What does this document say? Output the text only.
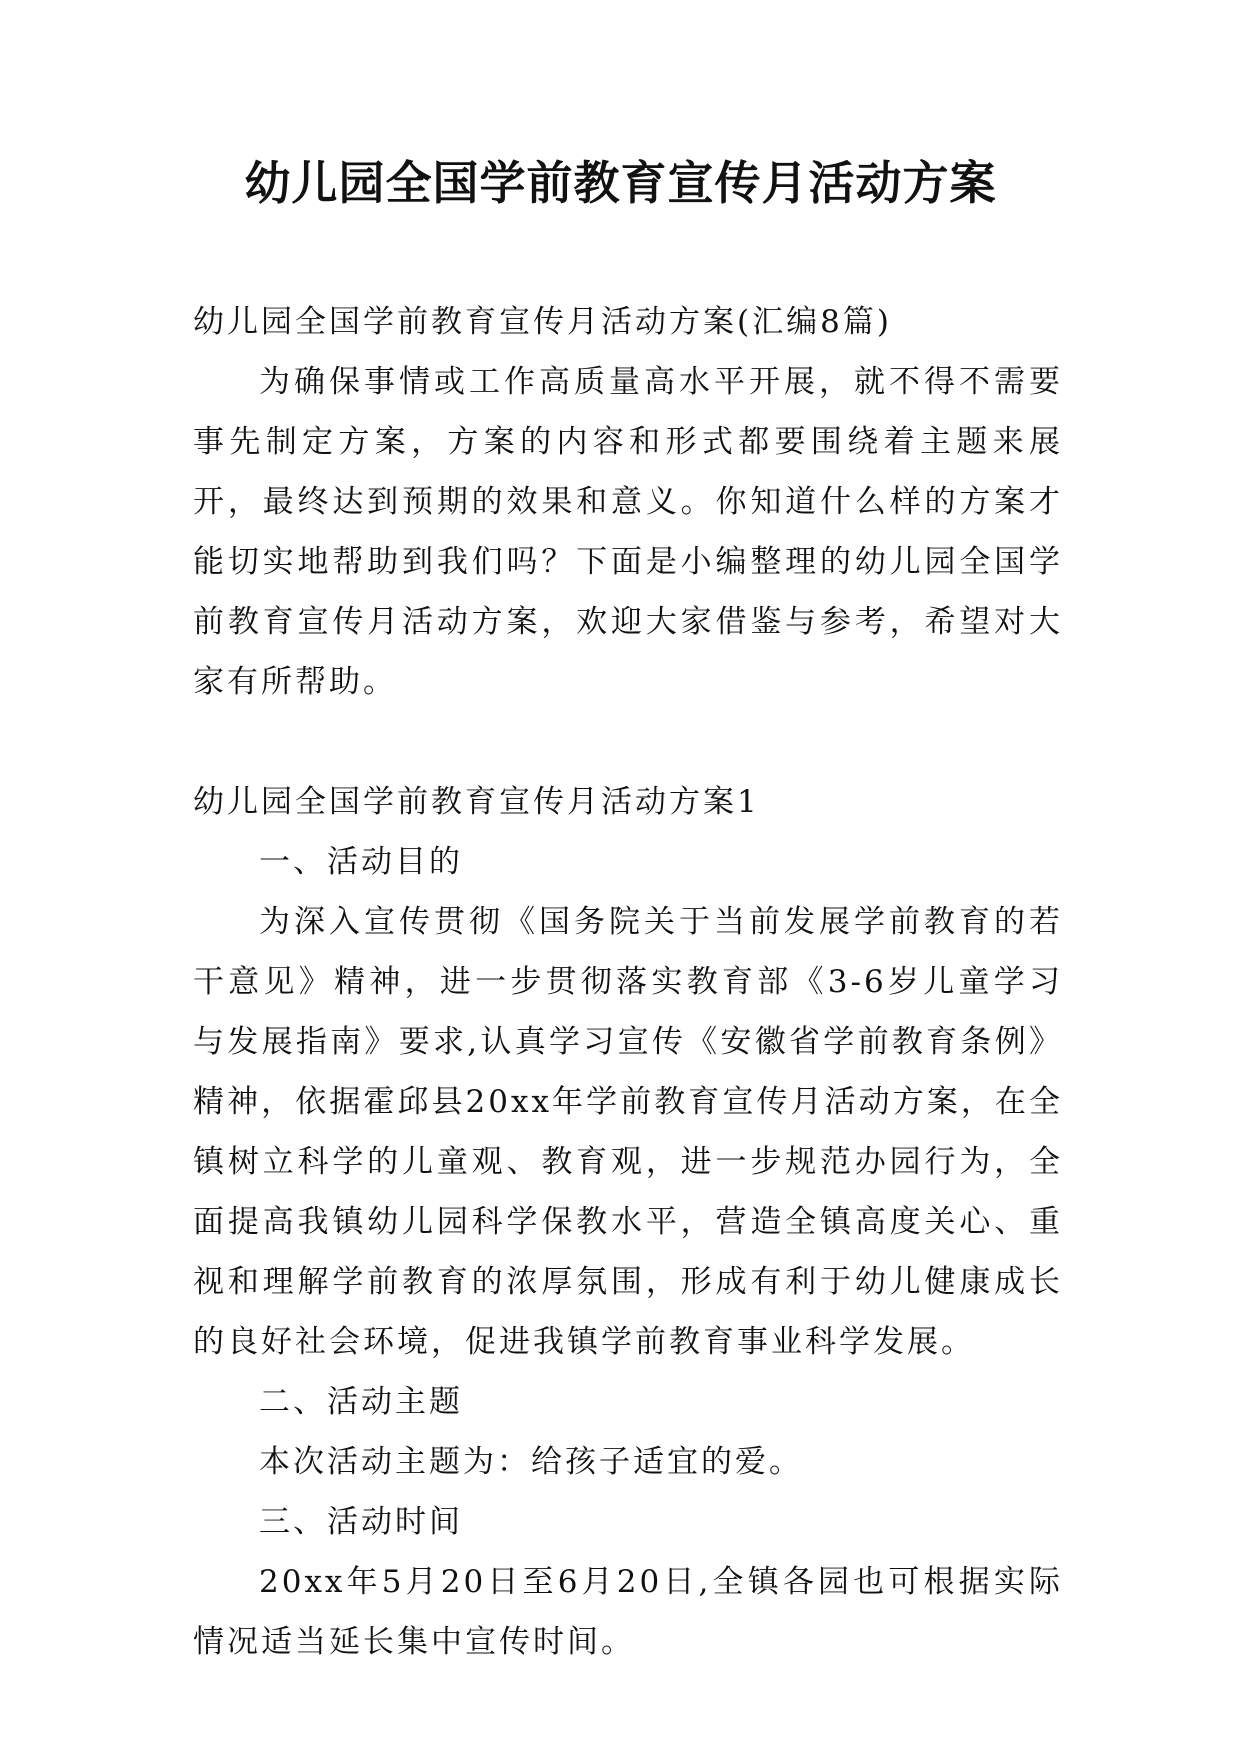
幼儿园全国学前教育宣传月活动方案

幼儿园全国学前教育宣传月活动方案(汇编8篇)

为确保事情或工作高质量高水平开展，就不得不需要事先制定方案，方案的内容和形式都要围绕着主题来展开，最终达到预期的效果和意义。你知道什么样的方案才能切实地帮助到我们吗？下面是小编整理的幼儿园全国学前教育宣传月活动方案，欢迎大家借鉴与参考，希望对大家有所帮助。

幼儿园全国学前教育宣传月活动方案1

一、活动目的

为深入宣传贯彻《国务院关于当前发展学前教育的若干意见》精神，进一步贯彻落实教育部《3-6岁儿童学习与发展指南》要求,认真学习宣传《安徽省学前教育条例》精神，依据霍邱县20xx年学前教育宣传月活动方案，在全镇树立科学的儿童观、教育观，进一步规范办园行为，全面提高我镇幼儿园科学保教水平，营造全镇高度关心、重视和理解学前教育的浓厚氛围，形成有利于幼儿健康成长的良好社会环境，促进我镇学前教育事业科学发展。

二、活动主题

本次活动主题为：给孩子适宜的爱。

三、活动时间

20xx年5月20日至6月20日,全镇各园也可根据实际情况适当延长集中宣传时间。
